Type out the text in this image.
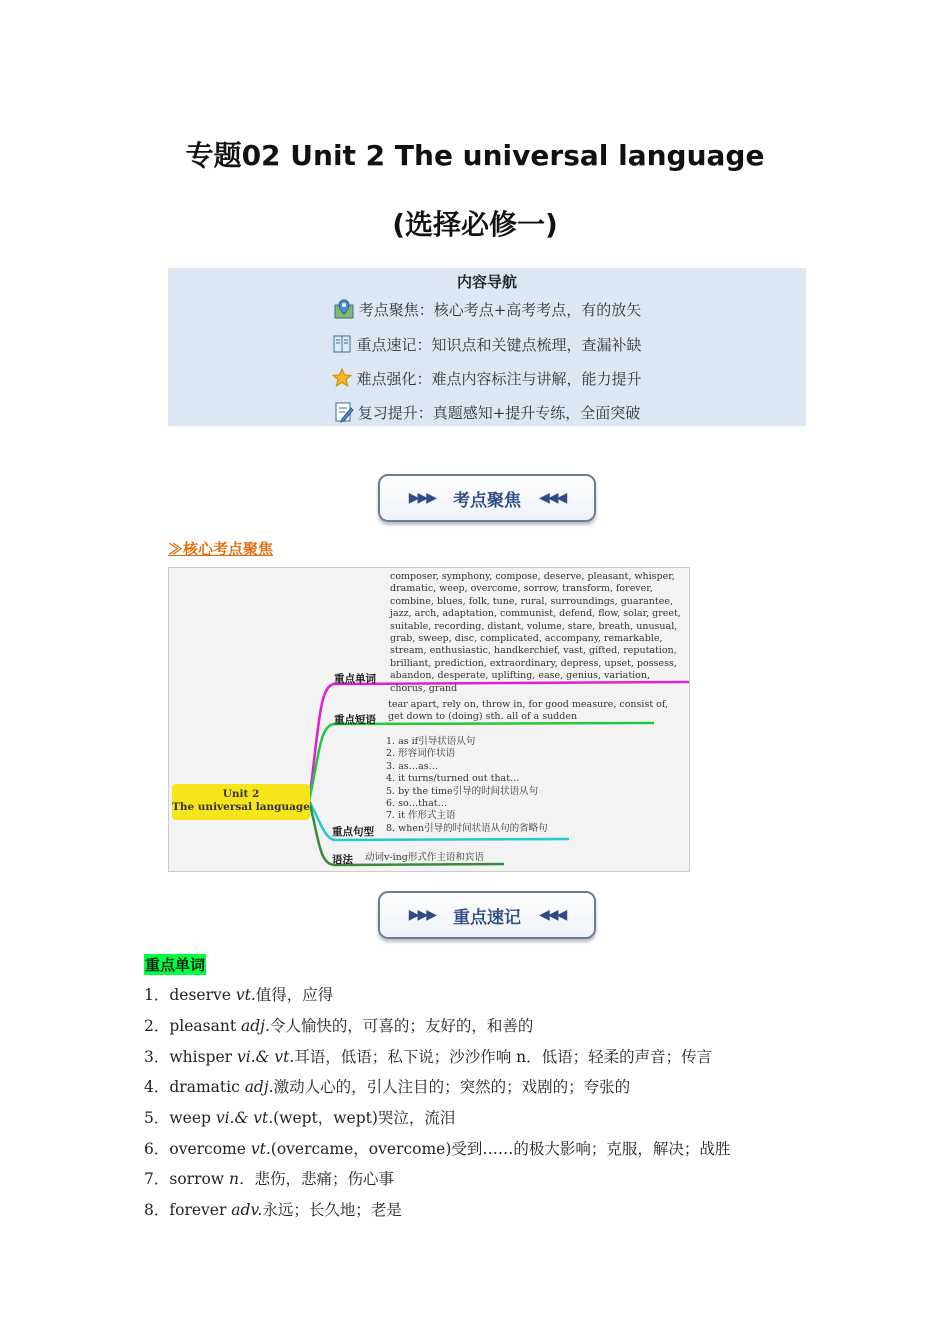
专题02 Unit 2 The universal language
(选择必修一)
内容导航
考点聚焦：核心考点+高考考点，有的放矢
重点速记：知识点和关键点梳理，查漏补缺
难点强化：难点内容标注与讲解，能力提升
复习提升：真题感知+提升专练，全面突破
▶▶▶ 考点聚焦 ◀◀◀
≫核心考点聚焦
Unit 2
The universal language
重点单词
composer, symphony, compose, deserve, pleasant, whisper, dramatic, weep, overcome, sorrow, transform, forever, combine, blues, folk, tune, rural, surroundings, guarantee, jazz, arch, adaptation, communist, defend, flow, solar, greet, suitable, recording, distant, volume, stare, breath, unusual, grab, sweep, disc, complicated, accompany, remarkable, stream, enthusiastic, handkerchief, vast, gifted, reputation, brilliant, prediction, extraordinary, depress, upset, possess, abandon, desperate, uplifting, ease, genius, variation, chorus, grand
重点短语
tear apart, rely on, throw in, for good measure, consist of,
get down to (doing) sth. all of a sudden
重点句型
1. as if引导状语从句
2. 形容词作状语
3. as…as…
4. it turns/turned out that…
5. by the time引导的时间状语从句
6. so…that…
7. it 作形式主语
8. when引导的时间状语从句的省略句
语法 动词v-ing形式作主语和宾语
▶▶▶ 重点速记 ◀◀◀
重点单词
1．deserve vt.值得，应得
2．pleasant adj.令人愉快的，可喜的；友好的，和善的
3．whisper vi.& vt.耳语，低语；私下说；沙沙作响 n．低语；轻柔的声音；传言
4．dramatic adj.激动人心的，引人注目的；突然的；戏剧的；夸张的
5．weep vi.& vt.(wept，wept)哭泣，流泪
6．overcome vt.(overcame，overcome)受到……的极大影响；克服，解决；战胜
7．sorrow n．悲伤，悲痛；伤心事
8．forever adv.永远；长久地；老是
